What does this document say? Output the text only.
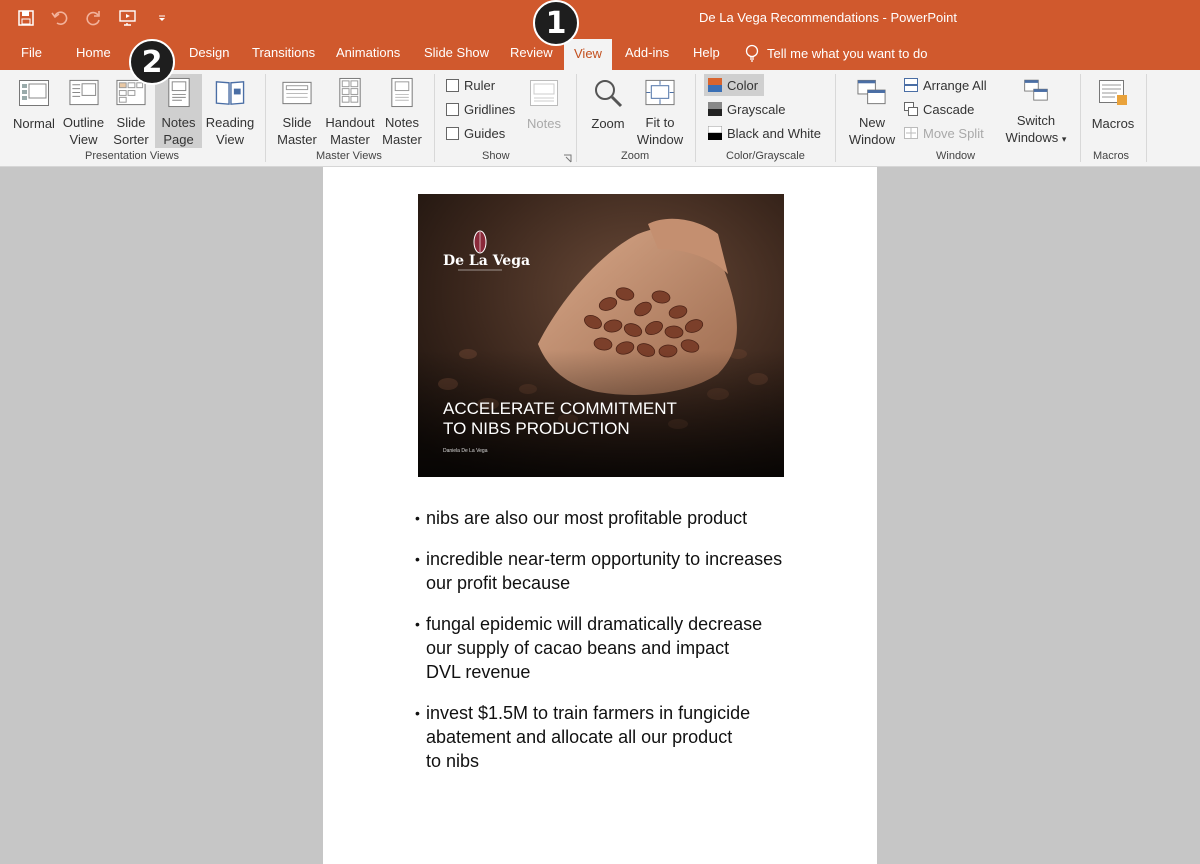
De La Vega Recommendations - PowerPoint
File	Home	Design Transitions Animations Slide Show Review	View	Add-ins Help	Tell me what you want to do
Normal Outline
View
Slide
Sorter
Notes
Page
Reading
View
Presentation Views
Slide
Master
Handout
Master
Notes
Master
Master Views
Ruler
Gridlines
Guides
Notes
Show
Zoom	Fit to
Window
Zoom
Color
Grayscale
Black and White
Color/Grayscale
New
Window
Arrange All
Cascade
Move Split
Switch
Windows ▾
Window
Macros
Macros
De La Vega
ACCELERATE COMMITMENT
TO NIBS PRODUCTION
Daniela De La Vega
• nibs are also our most profitable product
• incredible near-term opportunity to increases
our profit because
• fungal epidemic will dramatically decrease
our supply of cacao beans and impact
DVL revenue
• invest $1.5M to train farmers in fungicide
abatement and allocate all our product
to nibs
1
2
